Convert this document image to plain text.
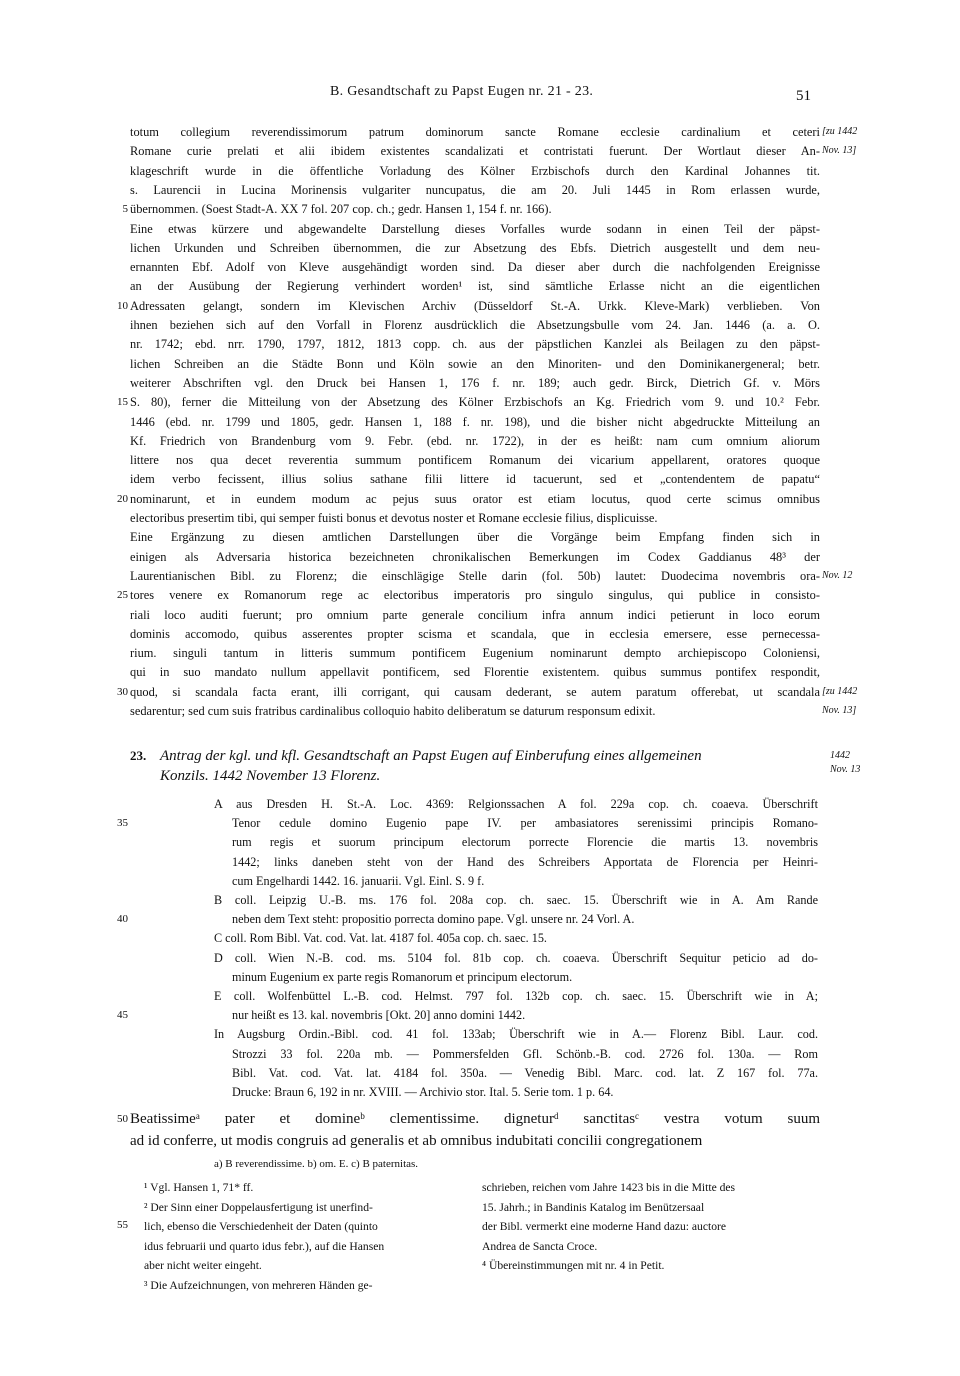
B. Gesandtschaft zu Papst Eugen nr. 21 - 23.	51
totum collegium reverendissimorum patrum dominorum sancte Romane ecclesie cardinalium et ceteri [zu 1442
Romane curie prelati et alii ibidem existentes scandalizati et contristati fuerunt. Der Wortlaut dieser An- Nov. 13]
klageschrift wurde in die öffentliche Vorladung des Kölner Erzbischofs durch den Kardinal Johannes tit.
s. Laurencii in Lucina Morinensis vulgariter nuncupatus, die am 20. Juli 1445 in Rom erlassen wurde,
5 übernommen. (Soest Stadt-A. XX 7 fol. 207 cop. ch.; gedr. Hansen 1, 154 f. nr. 166).
Eine etwas kürzere und abgewandelte Darstellung dieses Vorfalles wurde sodann in einen Teil der päpst-
lichen Urkunden und Schreiben übernommen, die zur Absetzung des Ebfs. Dietrich ausgestellt und dem neu-
ernannten Ebf. Adolf von Kleve ausgehändigt worden sind. Da dieser aber durch die nachfolgenden Ereignisse
an der Ausübung der Regierung verhindert worden¹ ist, sind sämtliche Erlasse nicht an die eigentlichen
10 Adressaten gelangt, sondern im Klevischen Archiv (Düsseldorf St.-A. Urkk. Kleve-Mark) verblieben. Von
ihnen beziehen sich auf den Vorfall in Florenz ausdrücklich die Absetzungsbulle vom 24. Jan. 1446 (a. a. O.
nr. 1742; ebd. nrr. 1790, 1797, 1812, 1813 copp. ch. aus der päpstlichen Kanzlei als Beilagen zu den päpst-
lichen Schreiben an die Städte Bonn und Köln sowie an den Minoriten- und den Dominikanergeneral; betr.
weiterer Abschriften vgl. den Druck bei Hansen 1, 176 f. nr. 189; auch gedr. Birck, Dietrich Gf. v. Mörs
15 S. 80), ferner die Mitteilung von der Absetzung des Kölner Erzbischofs an Kg. Friedrich vom 9. und 10.² Febr.
1446 (ebd. nr. 1799 und 1805, gedr. Hansen 1, 188 f. nr. 198), und die bisher nicht abgedruckte Mitteilung an
Kf. Friedrich von Brandenburg vom 9. Febr. (ebd. nr. 1722), in der es heißt: nam cum omnium aliorum
littere nos qua decet reverentia summum pontificem Romanum dei vicarium appellarent, oratores quoque
idem verbo fecissent, illius solius sathane filii littere id tacuerunt, sed et „contendentem de papatu“
20 nominarunt, et in eundem modum ac pejus suus orator est etiam locutus, quod certe scimus omnibus
electoribus presertim tibi, qui semper fuisti bonus et devotus noster et Romane ecclesie filius, displicuisse.
Eine Ergänzung zu diesen amtlichen Darstellungen über die Vorgänge beim Empfang finden sich in
einigen als Adversaria historica bezeichneten chronikalischen Bemerkungen im Codex Gaddianus 48³ der
Laurentianischen Bibl. zu Florenz; die einschlägige Stelle darin (fol. 50b) lautet: Duodecima novembris ora- Nov. 12
25 tores venere ex Romanorum rege ac electoribus imperatoris pro singulo singulus, qui publice in consisto-
riali loco auditi fuerunt; pro omnium parte generale concilium infra annum indici petierunt in loco eorum
dominis accomodo, quibus asserentes propter scisma et scandala, que in ecclesia emersere, esse pernecessa-
rium. singuli tantum in litteris summum pontificem Eugenium nominarunt dempto archiepiscopo Coloniensi,
qui in suo mandato nullum appellavit pontificem, sed Florentie existentem. quibus summus pontifex respondit,
30 quod, si scandala facta erant, illi corrigant, qui causam dederant, se autem paratum offerebat, ut scandala [zu 1442
sedarentur; sed cum suis fratribus cardinalibus colloquio habito deliberatum se daturum responsum edixit.	Nov. 13]
23. Antrag der kgl. und kfl. Gesandtschaft an Papst Eugen auf Einberufung eines allgemeinen
Konzils. 1442 November 13 Florenz.
1442
Nov. 13
A aus Dresden H. St.-A. Loc. 4369: Relgionssachen A fol. 229a cop. ch. coaeva. Überschrift
35	Tenor cedule domino Eugenio pape IV. per ambasiatores serenissimi principis Romano-
rum regis et suorum principum electorum porrecte Florencie die martis 13. novembris
1442; links daneben steht von der Hand des Schreibers Apportata de Florencia per Heinri-
cum Engelhardi 1442. 16. januarii. Vgl. Einl. S. 9 f.
B coll. Leipzig U.-B. ms. 176 fol. 208a cop. ch. saec. 15. Überschrift wie in A. Am Rande
40	neben dem Text steht: propositio porrecta domino pape. Vgl. unsere nr. 24 Vorl. A.
C coll. Rom Bibl. Vat. cod. Vat. lat. 4187 fol. 405a cop. ch. saec. 15.
D coll. Wien N.-B. cod. ms. 5104 fol. 81b cop. ch. coaeva. Überschrift Sequitur peticio ad do-
minum Eugenium ex parte regis Romanorum et principum electorum.
E coll. Wolfenbüttel L.-B. cod. Helmst. 797 fol. 132b cop. ch. saec. 15. Überschrift wie in A;
45	nur heißt es 13. kal. novembris [Okt. 20] anno domini 1442.
In Augsburg Ordin.-Bibl. cod. 41 fol. 133ab; Überschrift wie in A.— Florenz Bibl. Laur. cod.
Strozzi 33 fol. 220a mb. — Pommersfelden Gfl. Schönb.-B. cod. 2726 fol. 130a. — Rom
Bibl. Vat. cod. Vat. lat. 4184 fol. 350a. — Venedig Bibl. Marc. cod. lat. Z 167 fol. 77a.
Drucke: Braun 6, 192 in nr. XVIII. — Archivio stor. Ital. 5. Serie tom. 1 p. 64.
50 Beatissimeᵃ pater et domineᵇ clementissime. digneturᵈ sanctitasᶜ vestra votum suum
ad id conferre, ut modis congruis ad generalis et ab omnibus indubitati concilii congregationem
a) B reverendissime. b) om. E. c) B paternitas.
¹ Vgl. Hansen 1, 71* ff.
² Der Sinn einer Doppelausfertigung ist unerfind-
55 lich, ebenso die Verschiedenheit der Daten (quinto
idus februarii und quarto idus febr.), auf die Hansen
aber nicht weiter eingeht.
³ Die Aufzeichnungen, von mehreren Händen ge-
schrieben, reichen vom Jahre 1423 bis in die Mitte des
15. Jahrh.; in Bandinis Katalog im Benützersaal
der Bibl. vermerkt eine moderne Hand dazu: auctore
Andrea de Sancta Croce.
⁴ Übereinstimmungen mit nr. 4 in Petit.
